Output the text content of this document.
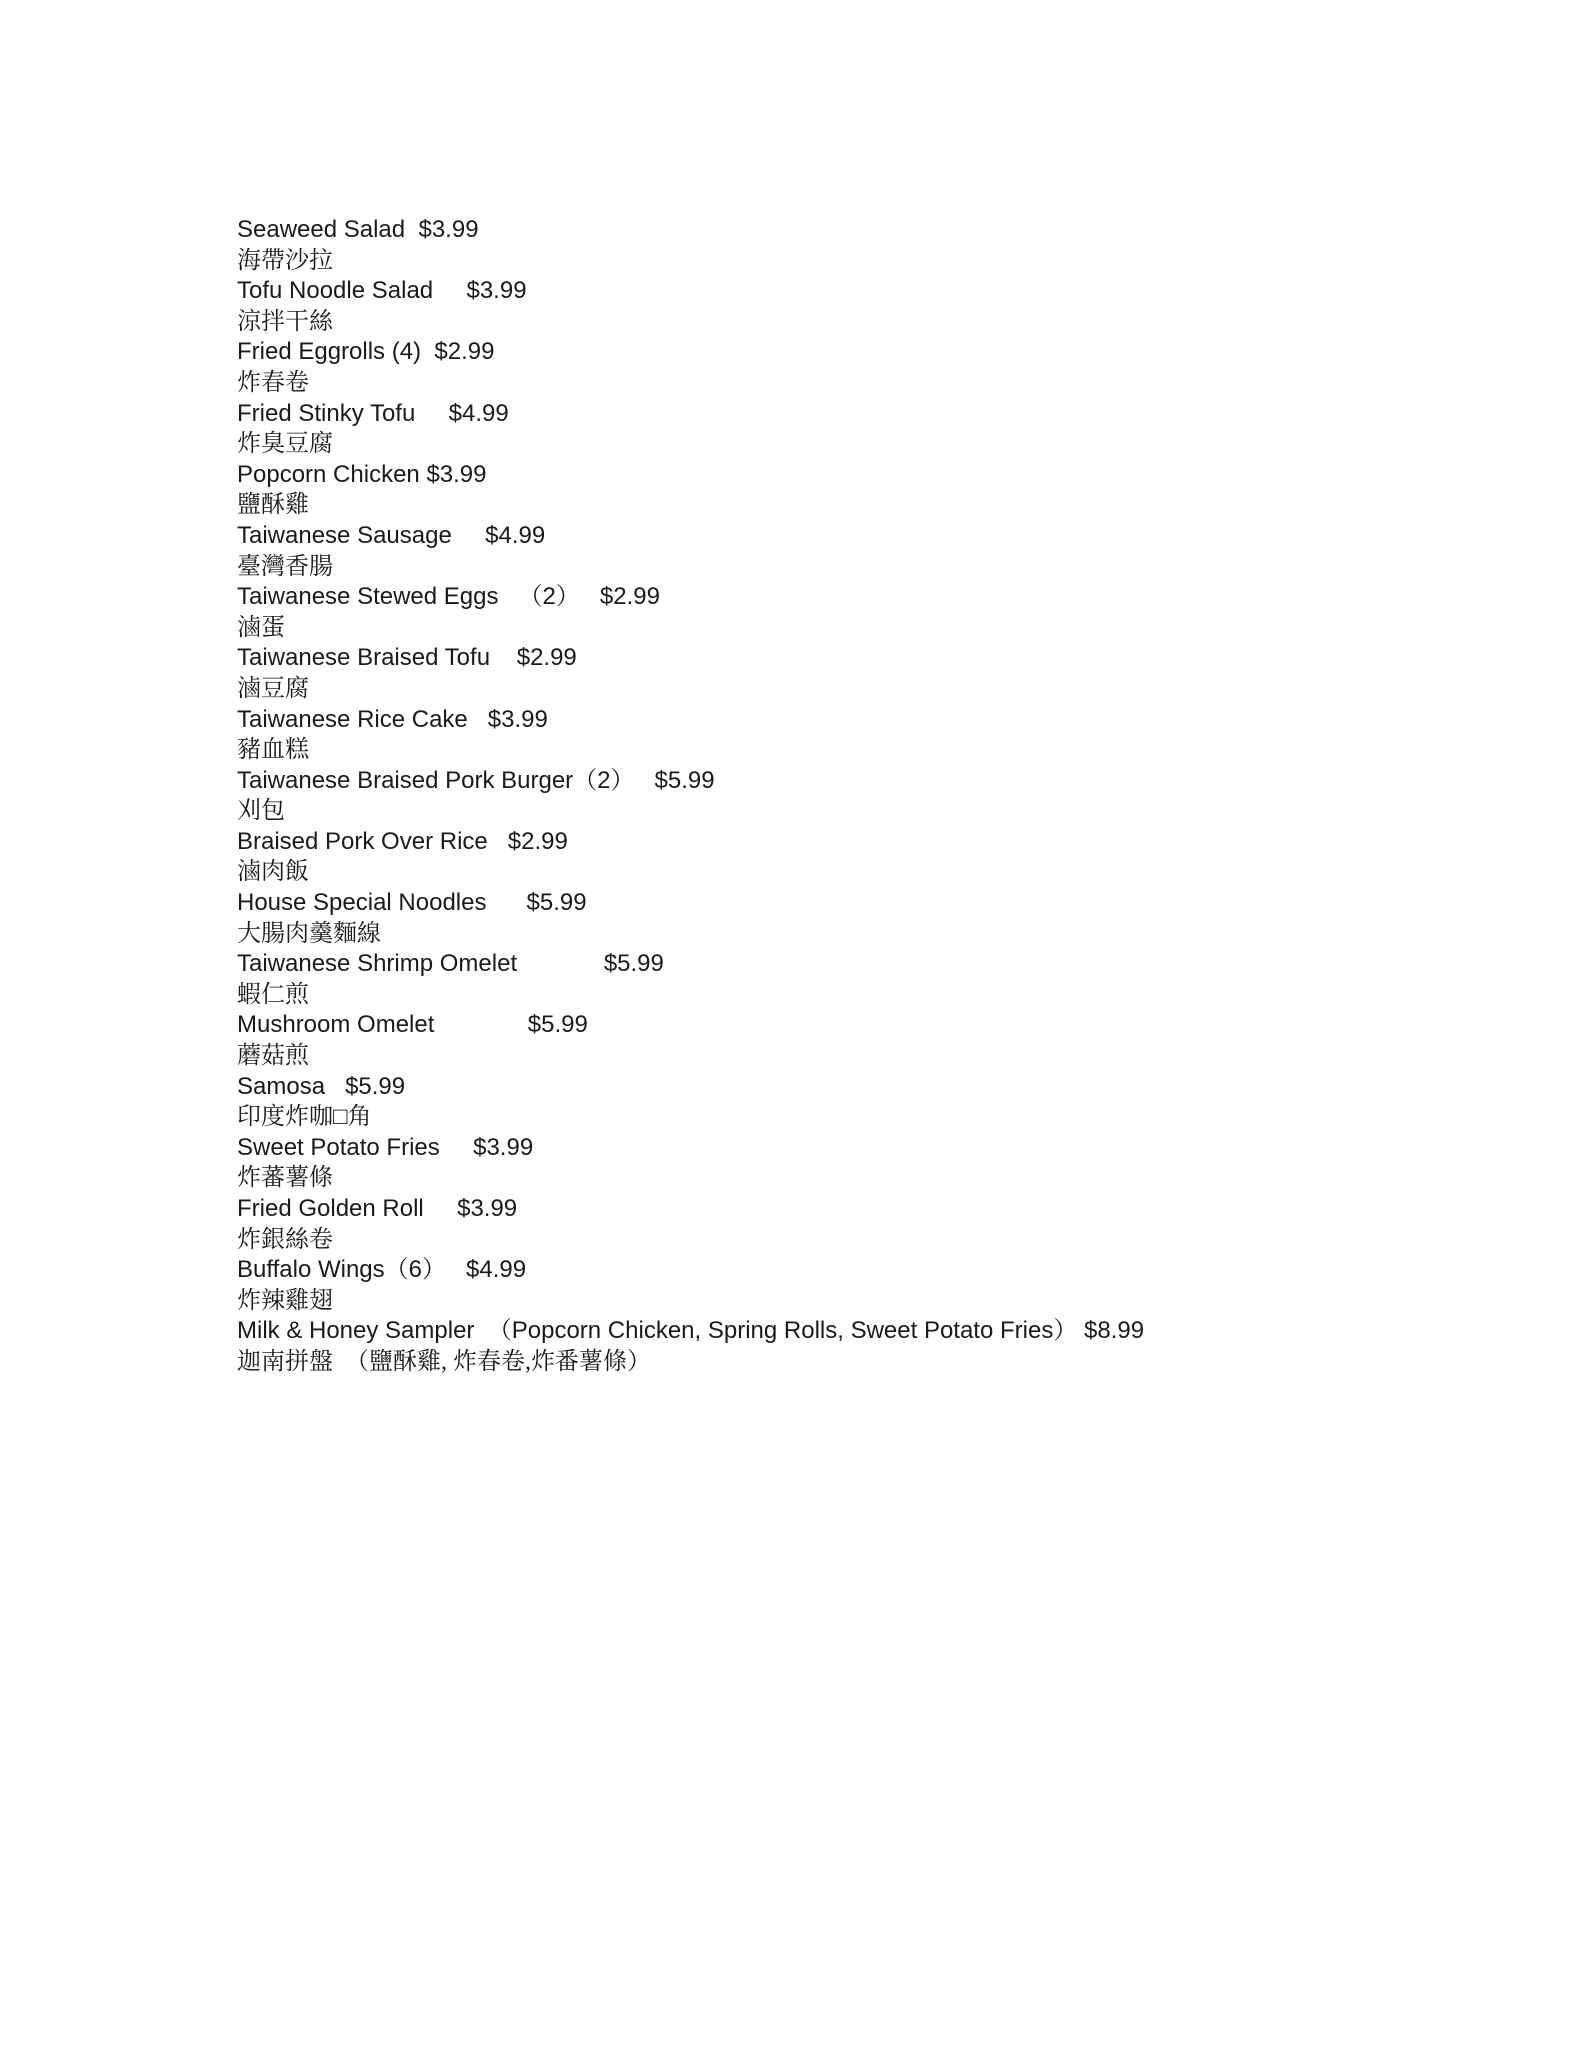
Seaweed Salad $3.99
海帶沙拉
Tofu Noodle Salad $3.99
涼拌干絲
Fried Eggrolls (4) $2.99
炸春卷
Fried Stinky Tofu $4.99
炸臭豆腐
Popcorn Chicken $3.99
鹽酥雞
Taiwanese Sausage $4.99
臺灣香腸
Taiwanese Stewed Eggs   （2） $2.99
滷蛋
Taiwanese Braised Tofu $2.99
滷豆腐
Taiwanese Rice Cake $3.99
豬血糕
Taiwanese Braised Pork Burger（2） $5.99
刈包
Braised Pork Over Rice $2.99
滷肉飯
House Special Noodles $5.99
大腸肉羹麵線
Taiwanese Shrimp Omelet	$5.99
蝦仁煎
Mushroom Omelet	$5.99
蘑菇煎
Samosa $5.99
印度炸咖□角
Sweet Potato Fries $3.99
炸蕃薯條
Fried Golden Roll $3.99
炸銀絲卷
Buffalo Wings（6） $4.99
炸辣雞翅
Milk & Honey Sampler  （Popcorn Chicken, Spring Rolls, Sweet Potato Fries） $8.99
迦南拼盤  （鹽酥雞, 炸春卷,炸番薯條）
